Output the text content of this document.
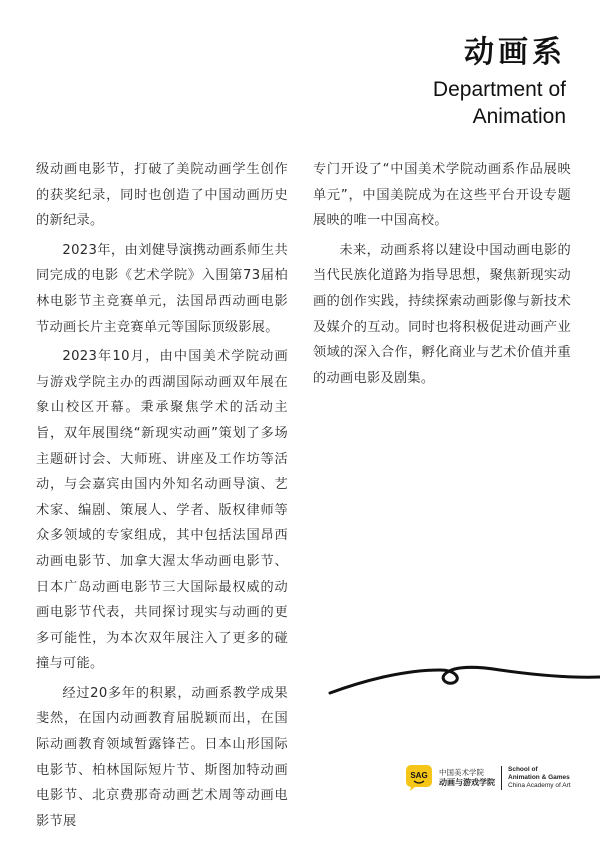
动画系
Department of
Animation

级动画电影节，打破了美院动画学生创作的获奖纪录，同时也创造了中国动画历史的新纪录。

2023年，由刘健导演携动画系师生共同完成的电影《艺术学院》入围第73届柏林电影节主竞赛单元，法国昂西动画电影节动画长片主竞赛单元等国际顶级影展。

2023年10月，由中国美术学院动画与游戏学院主办的西湖国际动画双年展在象山校区开幕。秉承聚焦学术的活动主旨，双年展围绕“新现实动画”策划了多场主题研讨会、大师班、讲座及工作坊等活动，与会嘉宾由国内外知名动画导演、艺术家、编剧、策展人、学者、版权律师等众多领域的专家组成，其中包括法国昂西动画电影节、加拿大渥太华动画电影节、日本广岛动画电影节三大国际最权威的动画电影节代表，共同探讨现实与动画的更多可能性，为本次双年展注入了更多的碰撞与可能。

经过20多年的积累，动画系教学成果斐然，在国内动画教育届脱颖而出，在国际动画教育领域暂露锋芒。日本山形国际电影节、柏林国际短片节、斯图加特动画电影节、北京费那奇动画艺术周等动画电影节展

专门开设了“中国美术学院动画系作品展映单元”，中国美院成为在这些平台开设专题展映的唯一中国高校。

未来，动画系将以建设中国动画电影的当代民族化道路为指导思想，聚焦新现实动画的创作实践，持续探索动画影像与新技术及媒介的互动。同时也将积极促进动画产业领域的深入合作，孵化商业与艺术价值并重的动画电影及剧集。

SAG 中国美术学院
动画与游戏学院
School of
Animation & Games
China Academy of Art
